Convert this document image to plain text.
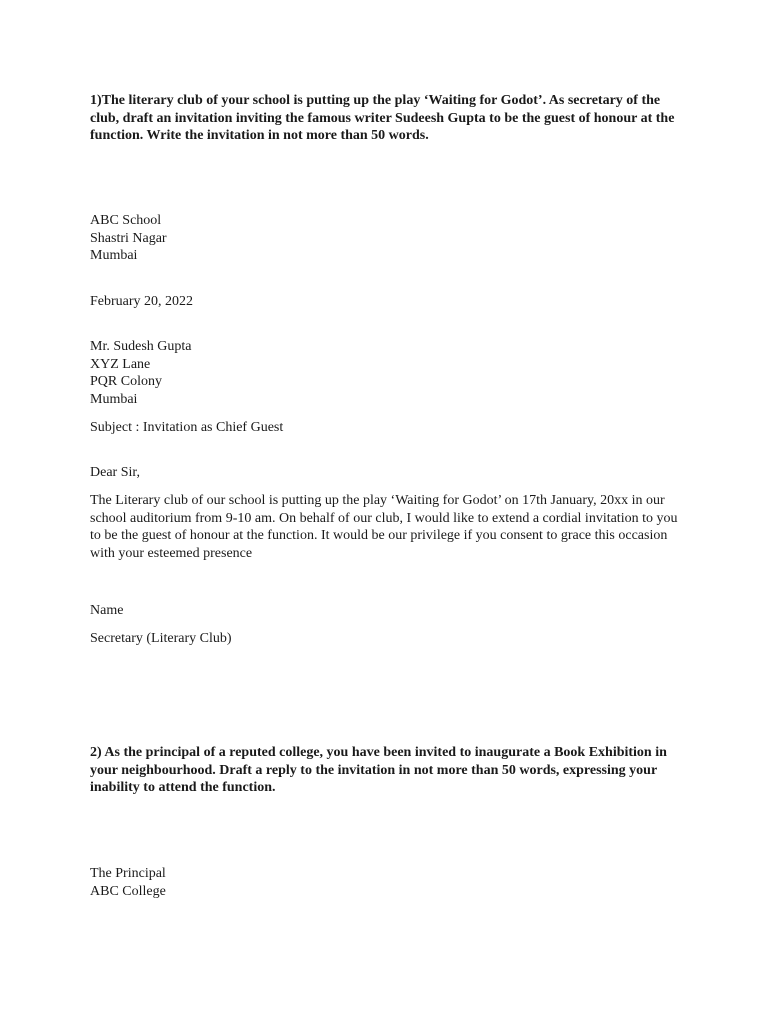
1)The literary club of your school is putting up the play ‘Waiting for Godot’. As secretary of the
club, draft an invitation inviting the famous writer Sudeesh Gupta to be the guest of honour at the
function. Write the invitation in not more than 50 words.
ABC School
Shastri Nagar
Mumbai
February 20, 2022
Mr. Sudesh Gupta
XYZ Lane
PQR Colony
Mumbai
Subject : Invitation as Chief Guest
Dear Sir,
The Literary club of our school is putting up the play ‘Waiting for Godot’ on 17th January, 20xx in our
school auditorium from 9-10 am. On behalf of our club, I would like to extend a cordial invitation to you
to be the guest of honour at the function. It would be our privilege if you consent to grace this occasion
with your esteemed presence
Name
Secretary (Literary Club)
2) As the principal of a reputed college, you have been invited to inaugurate a Book Exhibition in
your neighbourhood. Draft a reply to the invitation in not more than 50 words, expressing your
inability to attend the function.
The Principal
ABC College
